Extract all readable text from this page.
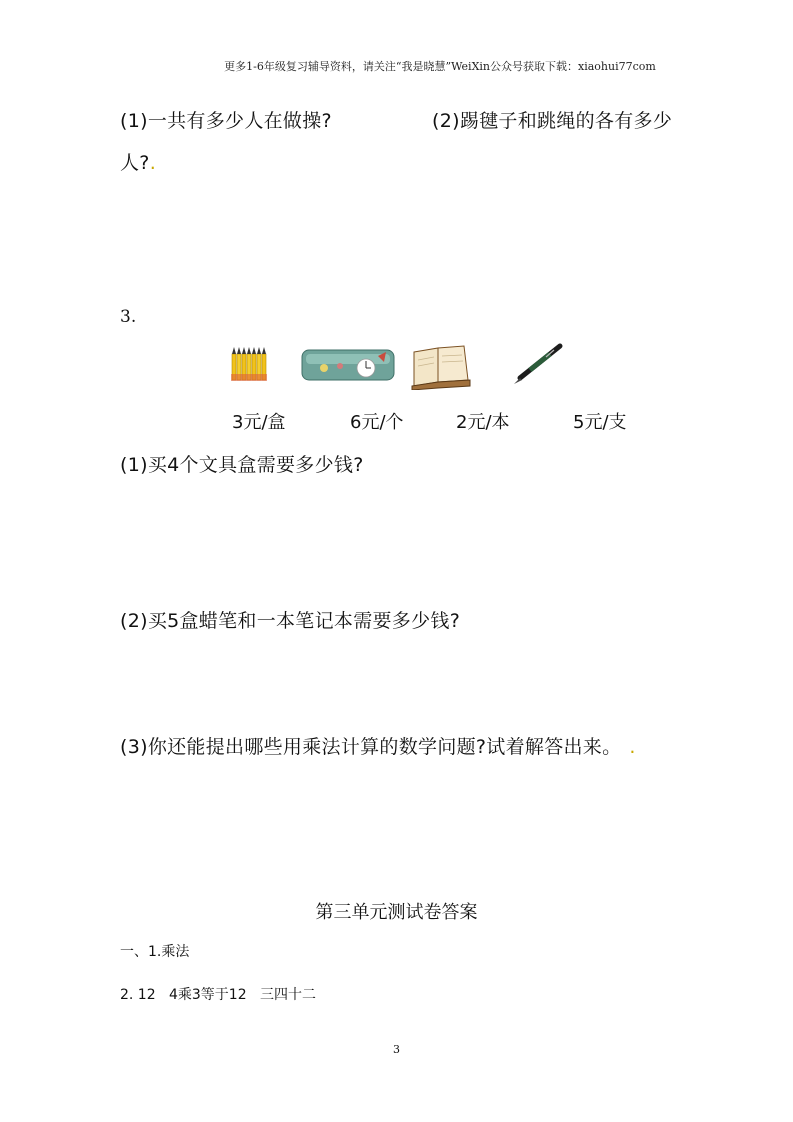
更多1-6年级复习辅导资料，请关注“我是晓慧”WeiXin公众号获取下载：xiaohui77com
(1)一共有多少人在做操?	(2)踢毽子和跳绳的各有多少
人?.
3.
3元/盒	6元/个	2元/本	5元/支
(1)买4个文具盒需要多少钱?
(2)买5盒蜡笔和一本笔记本需要多少钱?
(3)你还能提出哪些用乘法计算的数学问题?试着解答出来。 .
第三单元测试卷答案
一、1.乘法
2. 12   4乘3等于12   三四十二
3
